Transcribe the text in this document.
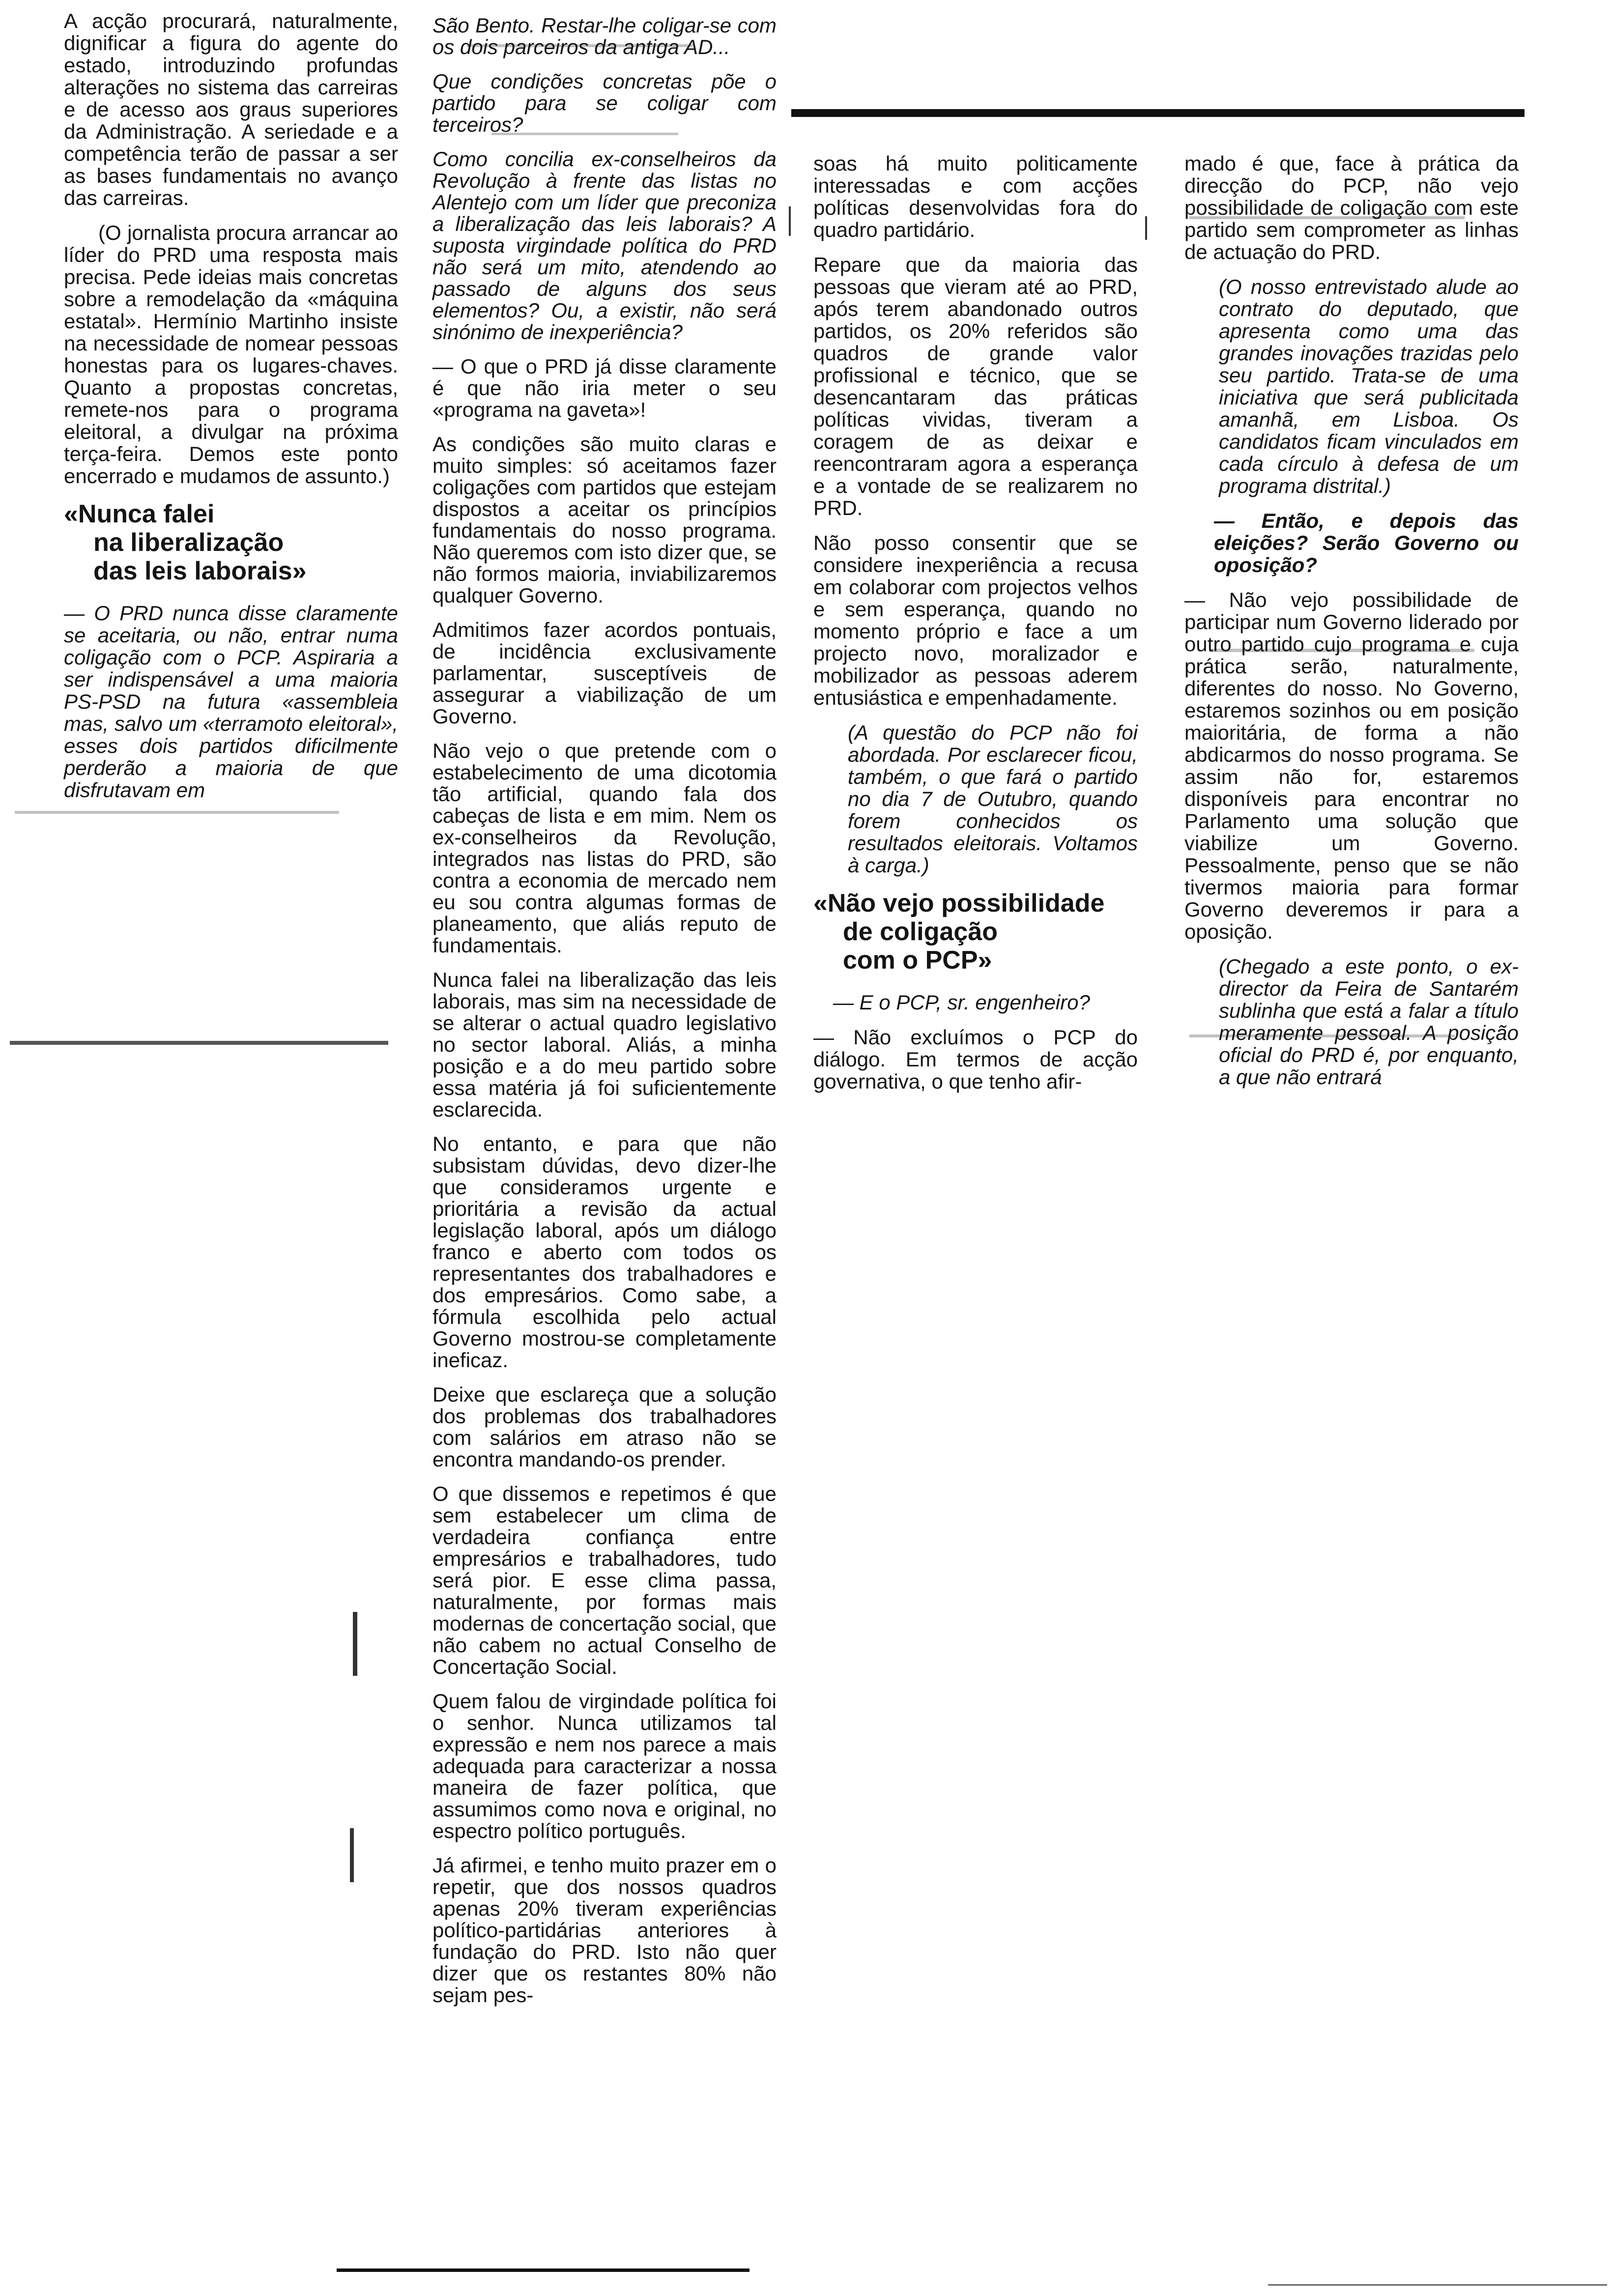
A acção procurará, naturalmente, dignificar a figura do agente do estado, introduzindo profundas alterações no sistema das carreiras e de acesso aos graus superiores da Administração. A seriedade e a competência terão de passar a ser as bases fundamentais no avanço das carreiras.

(O jornalista procura arrancar ao líder do PRD uma resposta mais precisa. Pede ideias mais concretas sobre a remodelação da «máquina estatal». Hermínio Martinho insiste na necessidade de nomear pessoas honestas para os lugares-chaves. Quanto a propostas concretas, remete-nos para o programa eleitoral, a divulgar na próxima terça-feira. Demos este ponto encerrado e mudamos de assunto.)

«Nunca falei
na liberalização
das leis laborais»

— O PRD nunca disse claramente se aceitaria, ou não, entrar numa coligação com o PCP. Aspiraria a ser indispensável a uma maioria PS-PSD na futura «assembleia mas, salvo um «terramoto eleitoral», esses dois partidos dificilmente perderão a maioria de que disfrutavam em

São Bento. Restar-lhe coligar-se com os dois parceiros da antiga AD...

Que condições concretas põe o partido para se coligar com terceiros?

Como concilia ex-conselheiros da Revolução à frente das listas no Alentejo com um líder que preconiza a liberalização das leis laborais? A suposta virgindade política do PRD não será um mito, atendendo ao passado de alguns dos seus elementos? Ou, a existir, não será sinónimo de inexperiência?

— O que o PRD já disse claramente é que não iria meter o seu «programa na gaveta»!

As condições são muito claras e muito simples: só aceitamos fazer coligações com partidos que estejam dispostos a aceitar os princípios fundamentais do nosso programa. Não queremos com isto dizer que, se não formos maioria, inviabilizaremos qualquer Governo.

Admitimos fazer acordos pontuais, de incidência exclusivamente parlamentar, susceptíveis de assegurar a viabilização de um Governo.

Não vejo o que pretende com o estabelecimento de uma dicotomia tão artificial, quando fala dos cabeças de lista e em mim. Nem os ex-conselheiros da Revolução, integrados nas listas do PRD, são contra a economia de mercado nem eu sou contra algumas formas de planeamento, que aliás reputo de fundamentais.

Nunca falei na liberalização das leis laborais, mas sim na necessidade de se alterar o actual quadro legislativo no sector laboral. Aliás, a minha posição e a do meu partido sobre essa matéria já foi suficientemente esclarecida.

No entanto, e para que não subsistam dúvidas, devo dizer-lhe que consideramos urgente e prioritária a revisão da actual legislação laboral, após um diálogo franco e aberto com todos os representantes dos trabalhadores e dos empresários. Como sabe, a fórmula escolhida pelo actual Governo mostrou-se completamente ineficaz.

Deixe que esclareça que a solução dos problemas dos trabalhadores com salários em atraso não se encontra mandando-os prender.

O que dissemos e repetimos é que sem estabelecer um clima de verdadeira confiança entre empresários e trabalhadores, tudo será pior. E esse clima passa, naturalmente, por formas mais modernas de concertação social, que não cabem no actual Conselho de Concertação Social.

Quem falou de virgindade política foi o senhor. Nunca utilizamos tal expressão e nem nos parece a mais adequada para caracterizar a nossa maneira de fazer política, que assumimos como nova e original, no espectro político português.

Já afirmei, e tenho muito prazer em o repetir, que dos nossos quadros apenas 20% tiveram experiências político-partidárias anteriores à fundação do PRD. Isto não quer dizer que os restantes 80% não sejam pes-

soas há muito politicamente interessadas e com acções políticas desenvolvidas fora do quadro partidário.

Repare que da maioria das pessoas que vieram até ao PRD, após terem abandonado outros partidos, os 20% referidos são quadros de grande valor profissional e técnico, que se desencantaram das práticas políticas vividas, tiveram a coragem de as deixar e reencontraram agora a esperança e a vontade de se realizarem no PRD.

Não posso consentir que se considere inexperiência a recusa em colaborar com projectos velhos e sem esperança, quando no momento próprio e face a um projecto novo, moralizador e mobilizador as pessoas aderem entusiástica e empenhadamente.

(A questão do PCP não foi abordada. Por esclarecer ficou, também, o que fará o partido no dia 7 de Outubro, quando forem conhecidos os resultados eleitorais. Voltamos à carga.)

«Não vejo possibilidade
de coligação
com o PCP»

— E o PCP, sr. engenheiro?

— Não excluímos o PCP do diálogo. Em termos de acção governativa, o que tenho afir-

mado é que, face à prática da direcção do PCP, não vejo possibilidade de coligação com este partido sem comprometer as linhas de actuação do PRD.

(O nosso entrevistado alude ao contrato do deputado, que apresenta como uma das grandes inovações trazidas pelo seu partido. Trata-se de uma iniciativa que será publicitada amanhã, em Lisboa. Os candidatos ficam vinculados em cada círculo à defesa de um programa distrital.)

— Então, e depois das eleições? Serão Governo ou oposição?

— Não vejo possibilidade de participar num Governo liderado por outro partido cujo programa e cuja prática serão, naturalmente, diferentes do nosso. No Governo, estaremos sozinhos ou em posição maioritária, de forma a não abdicarmos do nosso programa. Se assim não for, estaremos disponíveis para encontrar no Parlamento uma solução que viabilize um Governo. Pessoalmente, penso que se não tivermos maioria para formar Governo deveremos ir para a oposição.

(Chegado a este ponto, o ex-director da Feira de Santarém sublinha que está a falar a título meramente pessoal. A posição oficial do PRD é, por enquanto, a que não entrará
